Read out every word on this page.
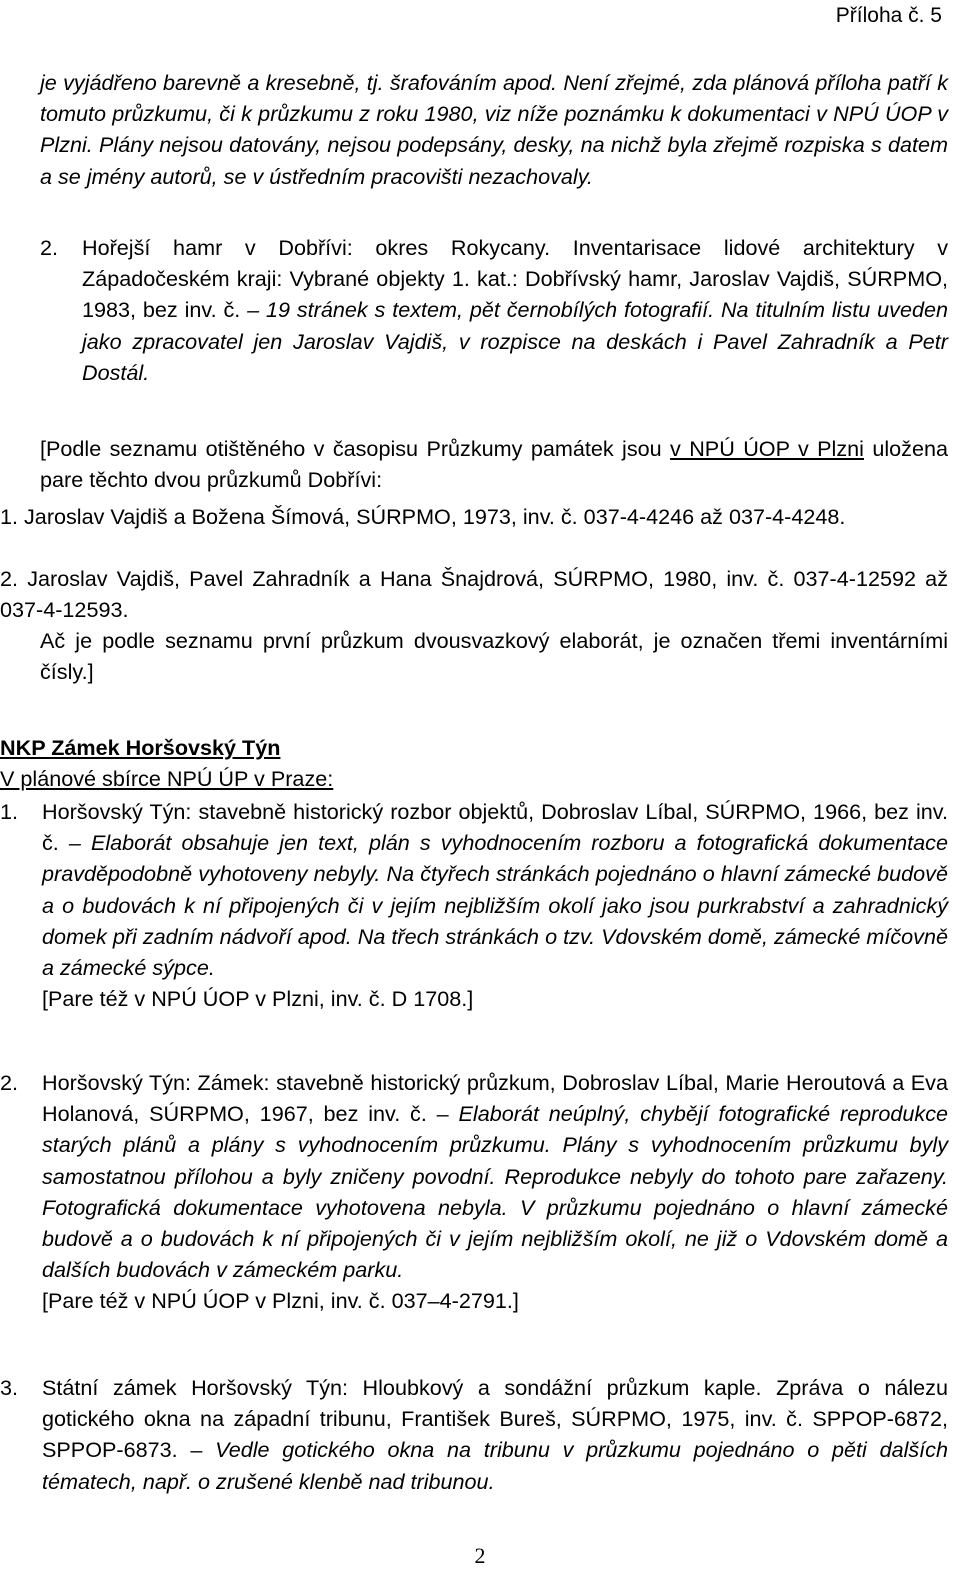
Příloha č. 5
je vyjádřeno barevně a kresebně, tj. šrafováním apod. Není zřejmé, zda plánová příloha patří k tomuto průzkumu, či k průzkumu z roku 1980, viz níže poznámku k dokumentaci v NPÚ ÚOP v Plzni. Plány nejsou datovány, nejsou podepsány, desky, na nichž byla zřejmě rozpiska s datem a se jmény autorů, se v ústředním pracovišti nezachovaly.
2. Hořejší hamr v Dobřívi: okres Rokycany. Inventarisace lidové architektury v Západočeském kraji: Vybrané objekty 1. kat.: Dobřívský hamr, Jaroslav Vajdiš, SÚRPMO, 1983, bez inv. č. – 19 stránek s textem, pět černobílých fotografií. Na titulním listu uveden jako zpracovatel jen Jaroslav Vajdiš, v rozpisce na deskách i Pavel Zahradník a Petr Dostál.
[Podle seznamu otištěného v časopisu Průzkumy památek jsou v NPÚ ÚOP v Plzni uložena pare těchto dvou průzkumů Dobřívi:
1. Jaroslav Vajdiš a Božena Šímová, SÚRPMO, 1973, inv. č. 037-4-4246 až 037-4-4248.
2. Jaroslav Vajdiš, Pavel Zahradník a Hana Šnajdrová, SÚRPMO, 1980, inv. č. 037-4-12592 až 037-4-12593.
Ač je podle seznamu první průzkum dvousvazkový elaborát, je označen třemi inventárními čísly.]
NKP Zámek Horšovský Týn
V plánové sbírce NPÚ ÚP v Praze:
1. Horšovský Týn: stavebně historický rozbor objektů, Dobroslav Líbal, SÚRPMO, 1966, bez inv. č. – Elaborát obsahuje jen text, plán s vyhodnocením rozboru a fotografická dokumentace pravděpodobně vyhotoveny nebyly. Na čtyřech stránkách pojednáno o hlavní zámecké budově a o budovách k ní připojených či v jejím nejbližším okolí jako jsou purkrabství a zahradnický domek při zadním nádvoří apod. Na třech stránkách o tzv. Vdovském domě, zámecké míčovně a zámecké sýpce.
[Pare též v NPÚ ÚOP v Plzni, inv. č. D 1708.]
2. Horšovský Týn: Zámek: stavebně historický průzkum, Dobroslav Líbal, Marie Heroutová a Eva Holanová, SÚRPMO, 1967, bez inv. č. – Elaborát neúplný, chybějí fotografické reprodukce starých plánů a plány s vyhodnocením průzkumu. Plány s vyhodnocením průzkumu byly samostatnou přílohou a byly zničeny povodní. Reprodukce nebyly do tohoto pare zařazeny. Fotografická dokumentace vyhotovena nebyla. V průzkumu pojednáno o hlavní zámecké budově a o budovách k ní připojených či v jejím nejbližším okolí, ne již o Vdovském domě a dalších budovách v zámeckém parku.
[Pare též v NPÚ ÚOP v Plzni, inv. č. 037–4-2791.]
3. Státní zámek Horšovský Týn: Hloubkový a sondážní průzkum kaple. Zpráva o nálezu gotického okna na západní tribunu, František Bureš, SÚRPMO, 1975, inv. č. SPPOP-6872, SPPOP-6873. – Vedle gotického okna na tribunu v průzkumu pojednáno o pěti dalších tématech, např. o zrušené klenbě nad tribunou.
2
